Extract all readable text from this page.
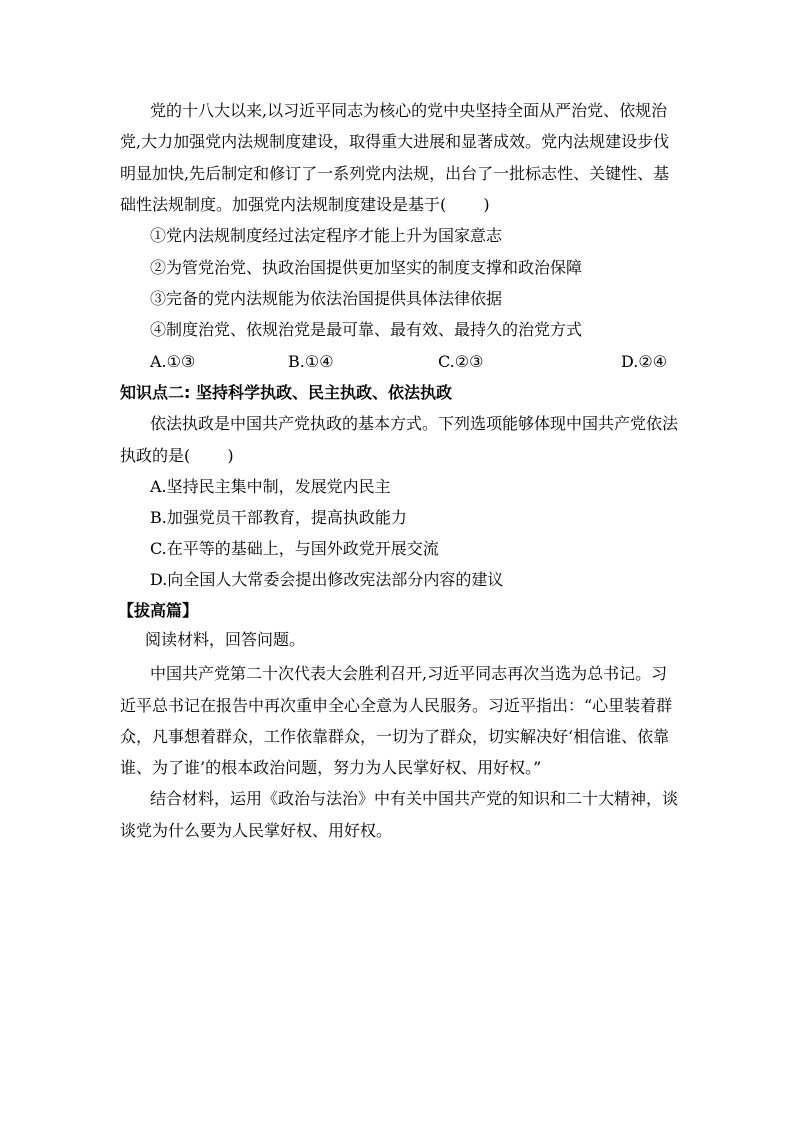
党的十八大以来,以习近平同志为核心的党中央坚持全面从严治党、依规治
党,大力加强党内法规制度建设，取得重大进展和显著成效。党内法规建设步伐
明显加快,先后制定和修订了一系列党内法规，出台了一批标志性、关键性、基
础性法规制度。加强党内法规制度建设是基于(　　 )
①党内法规制度经过法定程序才能上升为国家意志
②为管党治党、执政治国提供更加坚实的制度支撑和政治保障
③完备的党内法规能为依法治国提供具体法律依据
④制度治党、依规治党是最可靠、最有效、最持久的治党方式
A.①③	B.①④	C.②③	D.②④
知识点二: 坚持科学执政、民主执政、依法执政
依法执政是中国共产党执政的基本方式。下列选项能够体现中国共产党依法
执政的是(　　 )
A.坚持民主集中制，发展党内民主
B.加强党员干部教育，提高执政能力
C.在平等的基础上，与国外政党开展交流
D.向全国人大常委会提出修改宪法部分内容的建议
【拔高篇】
阅读材料，回答问题。
中国共产党第二十次代表大会胜利召开,习近平同志再次当选为总书记。习
近平总书记在报告中再次重申全心全意为人民服务。习近平指出：“心里装着群
众，凡事想着群众，工作依靠群众，一切为了群众，切实解决好‘相信谁、依靠
谁、为了谁’的根本政治问题，努力为人民掌好权、用好权。”
结合材料，运用《政治与法治》中有关中国共产党的知识和二十大精神，谈
谈党为什么要为人民掌好权、用好权。
